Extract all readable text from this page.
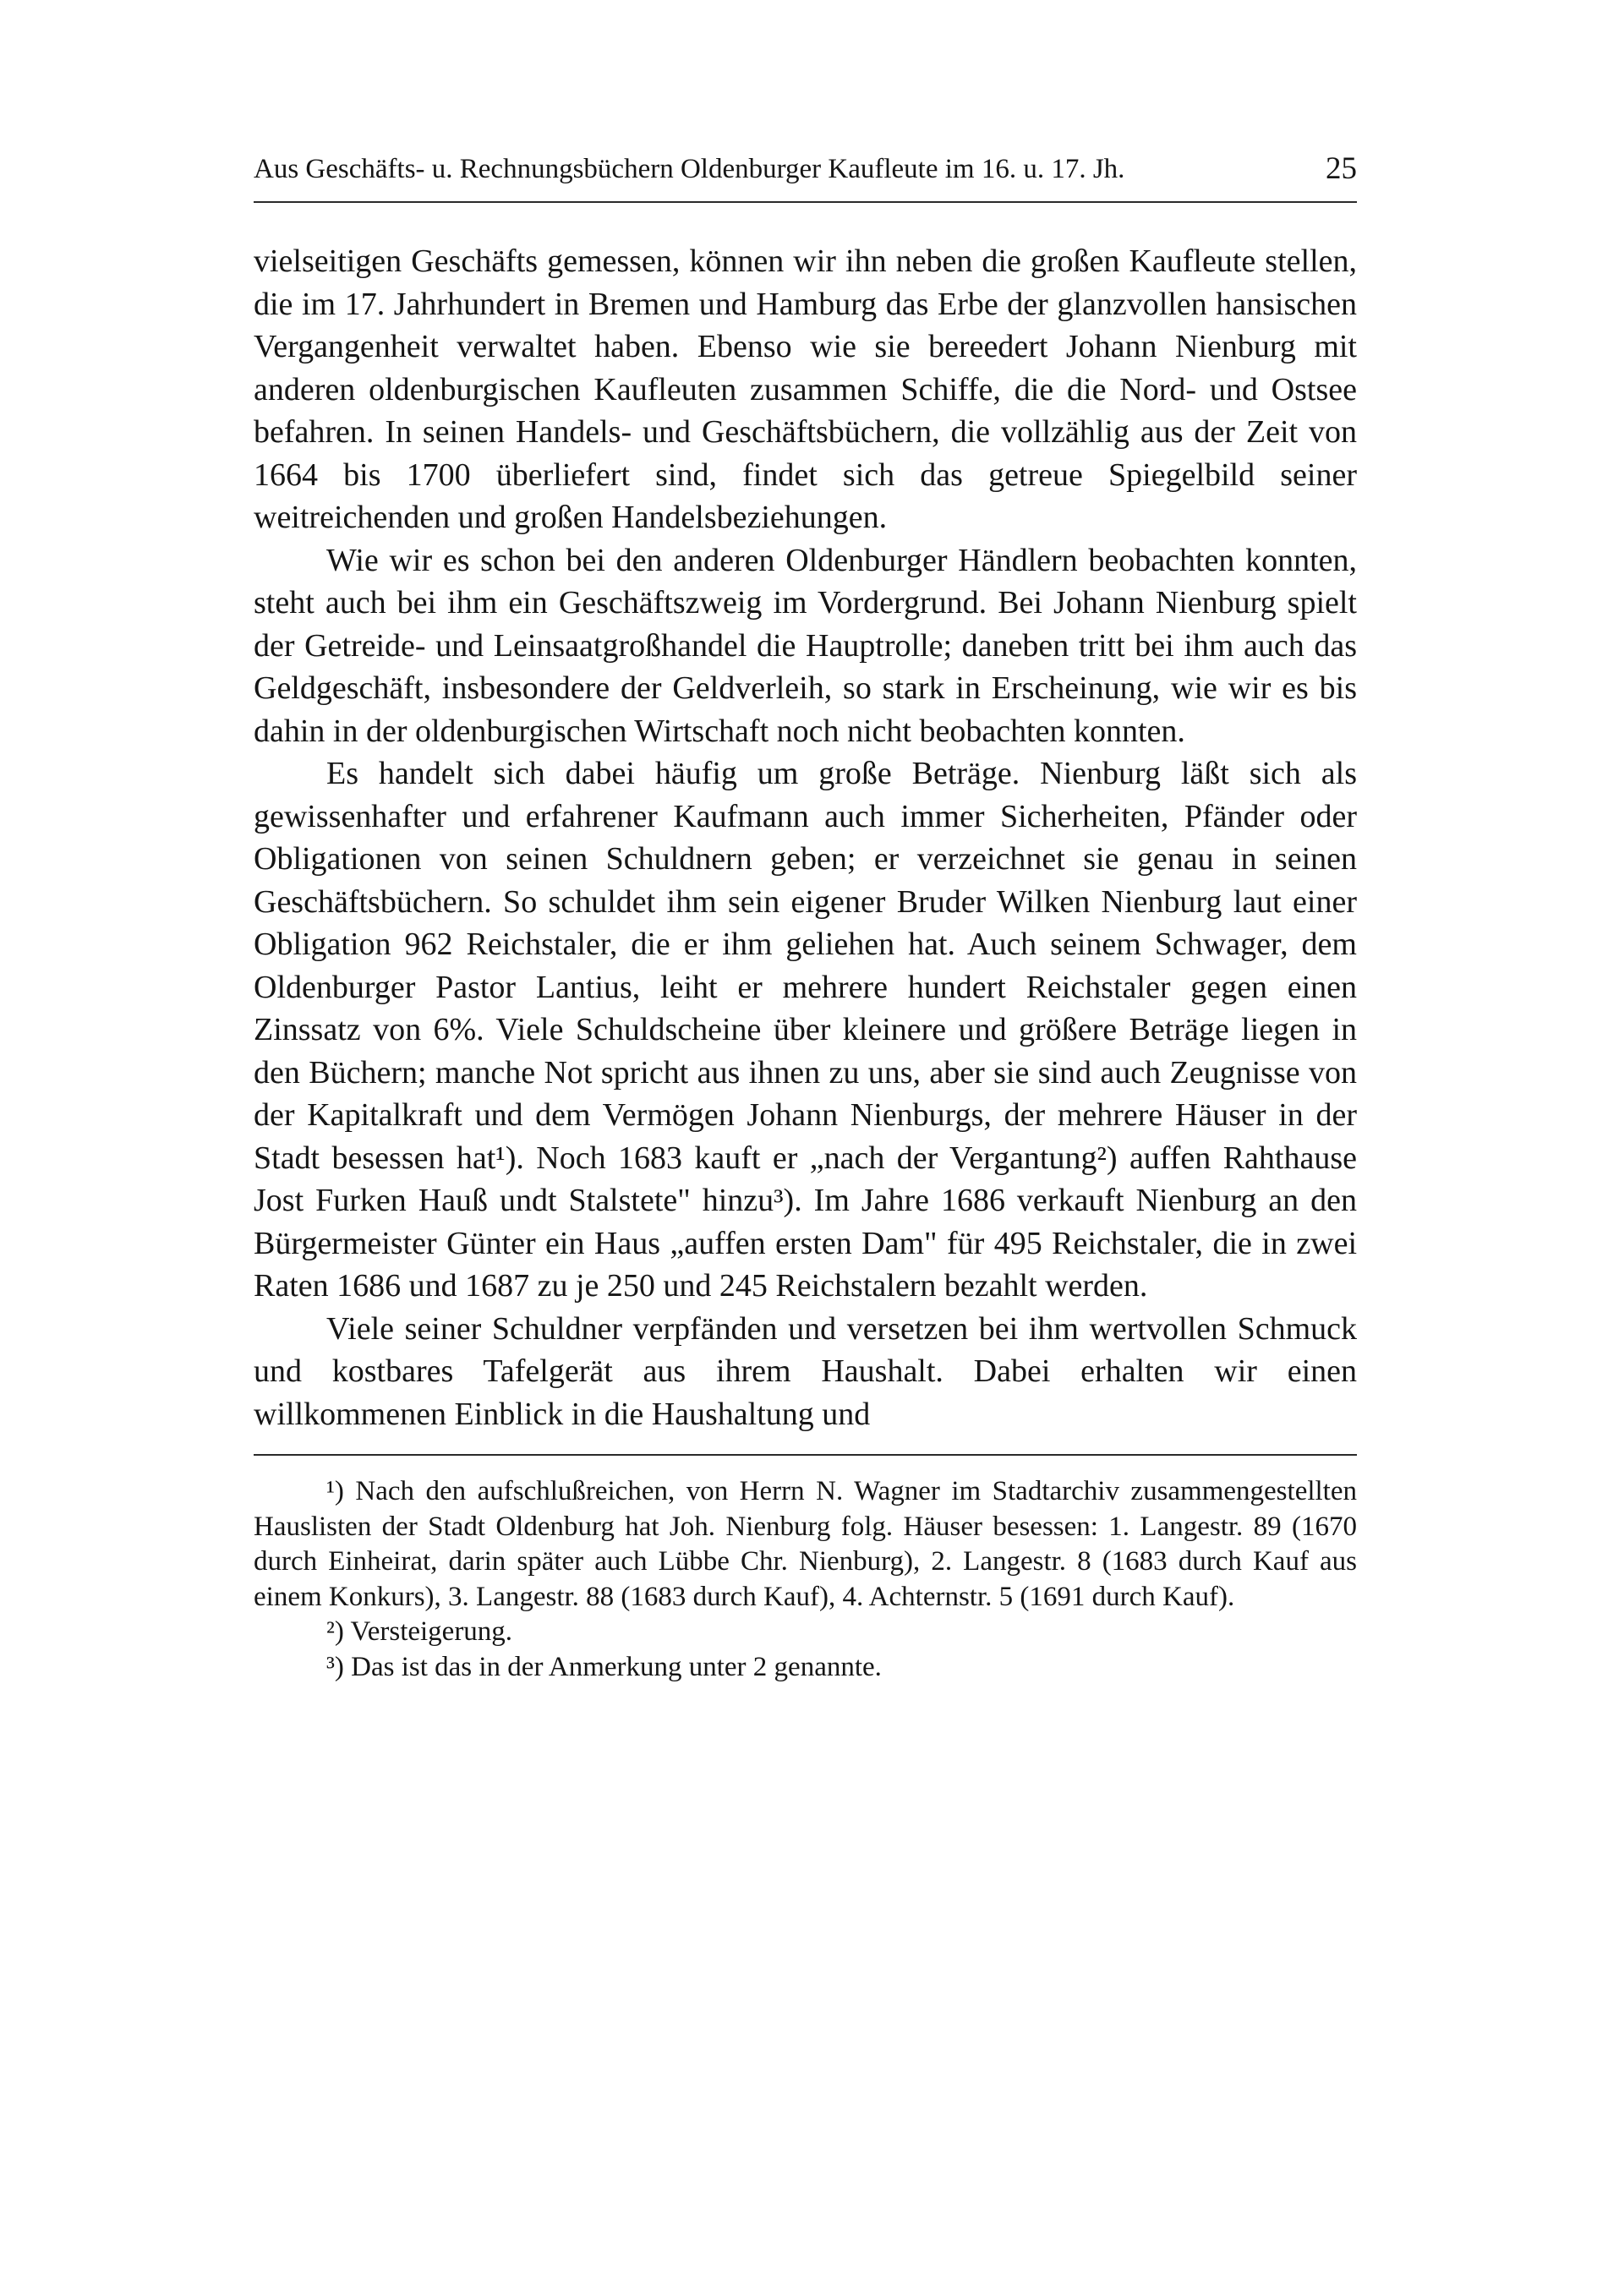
Aus Geschäfts- u. Rechnungsbüchern Oldenburger Kaufleute im 16. u. 17. Jh.	25

vielseitigen Geschäfts gemessen, können wir ihn neben die großen Kaufleute stellen, die im 17. Jahrhundert in Bremen und Hamburg das Erbe der glanzvollen hansischen Vergangenheit verwaltet haben. Ebenso wie sie bereedert Johann Nienburg mit anderen oldenburgischen Kaufleuten zusammen Schiffe, die die Nord- und Ostsee befahren. In seinen Handels- und Geschäftsbüchern, die vollzählig aus der Zeit von 1664 bis 1700 überliefert sind, findet sich das getreue Spiegelbild seiner weitreichenden und großen Handelsbeziehungen.

Wie wir es schon bei den anderen Oldenburger Händlern beobachten konnten, steht auch bei ihm ein Geschäftszweig im Vordergrund. Bei Johann Nienburg spielt der Getreide- und Leinsaatgroßhandel die Hauptrolle; daneben tritt bei ihm auch das Geldgeschäft, insbesondere der Geldverleih, so stark in Erscheinung, wie wir es bis dahin in der oldenburgischen Wirtschaft noch nicht beobachten konnten.

Es handelt sich dabei häufig um große Beträge. Nienburg läßt sich als gewissenhafter und erfahrener Kaufmann auch immer Sicherheiten, Pfänder oder Obligationen von seinen Schuldnern geben; er verzeichnet sie genau in seinen Geschäftsbüchern. So schuldet ihm sein eigener Bruder Wilken Nienburg laut einer Obligation 962 Reichstaler, die er ihm geliehen hat. Auch seinem Schwager, dem Oldenburger Pastor Lantius, leiht er mehrere hundert Reichstaler gegen einen Zinssatz von 6%. Viele Schuldscheine über kleinere und größere Beträge liegen in den Büchern; manche Not spricht aus ihnen zu uns, aber sie sind auch Zeugnisse von der Kapitalkraft und dem Vermögen Johann Nienburgs, der mehrere Häuser in der Stadt besessen hat¹). Noch 1683 kauft er „nach der Vergantung²) auffen Rahthause Jost Furken Hauß undt Stalstete" hinzu³). Im Jahre 1686 verkauft Nienburg an den Bürgermeister Günter ein Haus „auffen ersten Dam" für 495 Reichstaler, die in zwei Raten 1686 und 1687 zu je 250 und 245 Reichstalern bezahlt werden.

Viele seiner Schuldner verpfänden und versetzen bei ihm wertvollen Schmuck und kostbares Tafelgerät aus ihrem Haushalt. Dabei erhalten wir einen willkommenen Einblick in die Haushaltung und

¹) Nach den aufschlußreichen, von Herrn N. Wagner im Stadtarchiv zusammengestellten Hauslisten der Stadt Oldenburg hat Joh. Nienburg folg. Häuser besessen: 1. Langestr. 89 (1670 durch Einheirat, darin später auch Lübbe Chr. Nienburg), 2. Langestr. 8 (1683 durch Kauf aus einem Konkurs), 3. Langestr. 88 (1683 durch Kauf), 4. Achternstr. 5 (1691 durch Kauf).

²) Versteigerung.

³) Das ist das in der Anmerkung unter 2 genannte.
